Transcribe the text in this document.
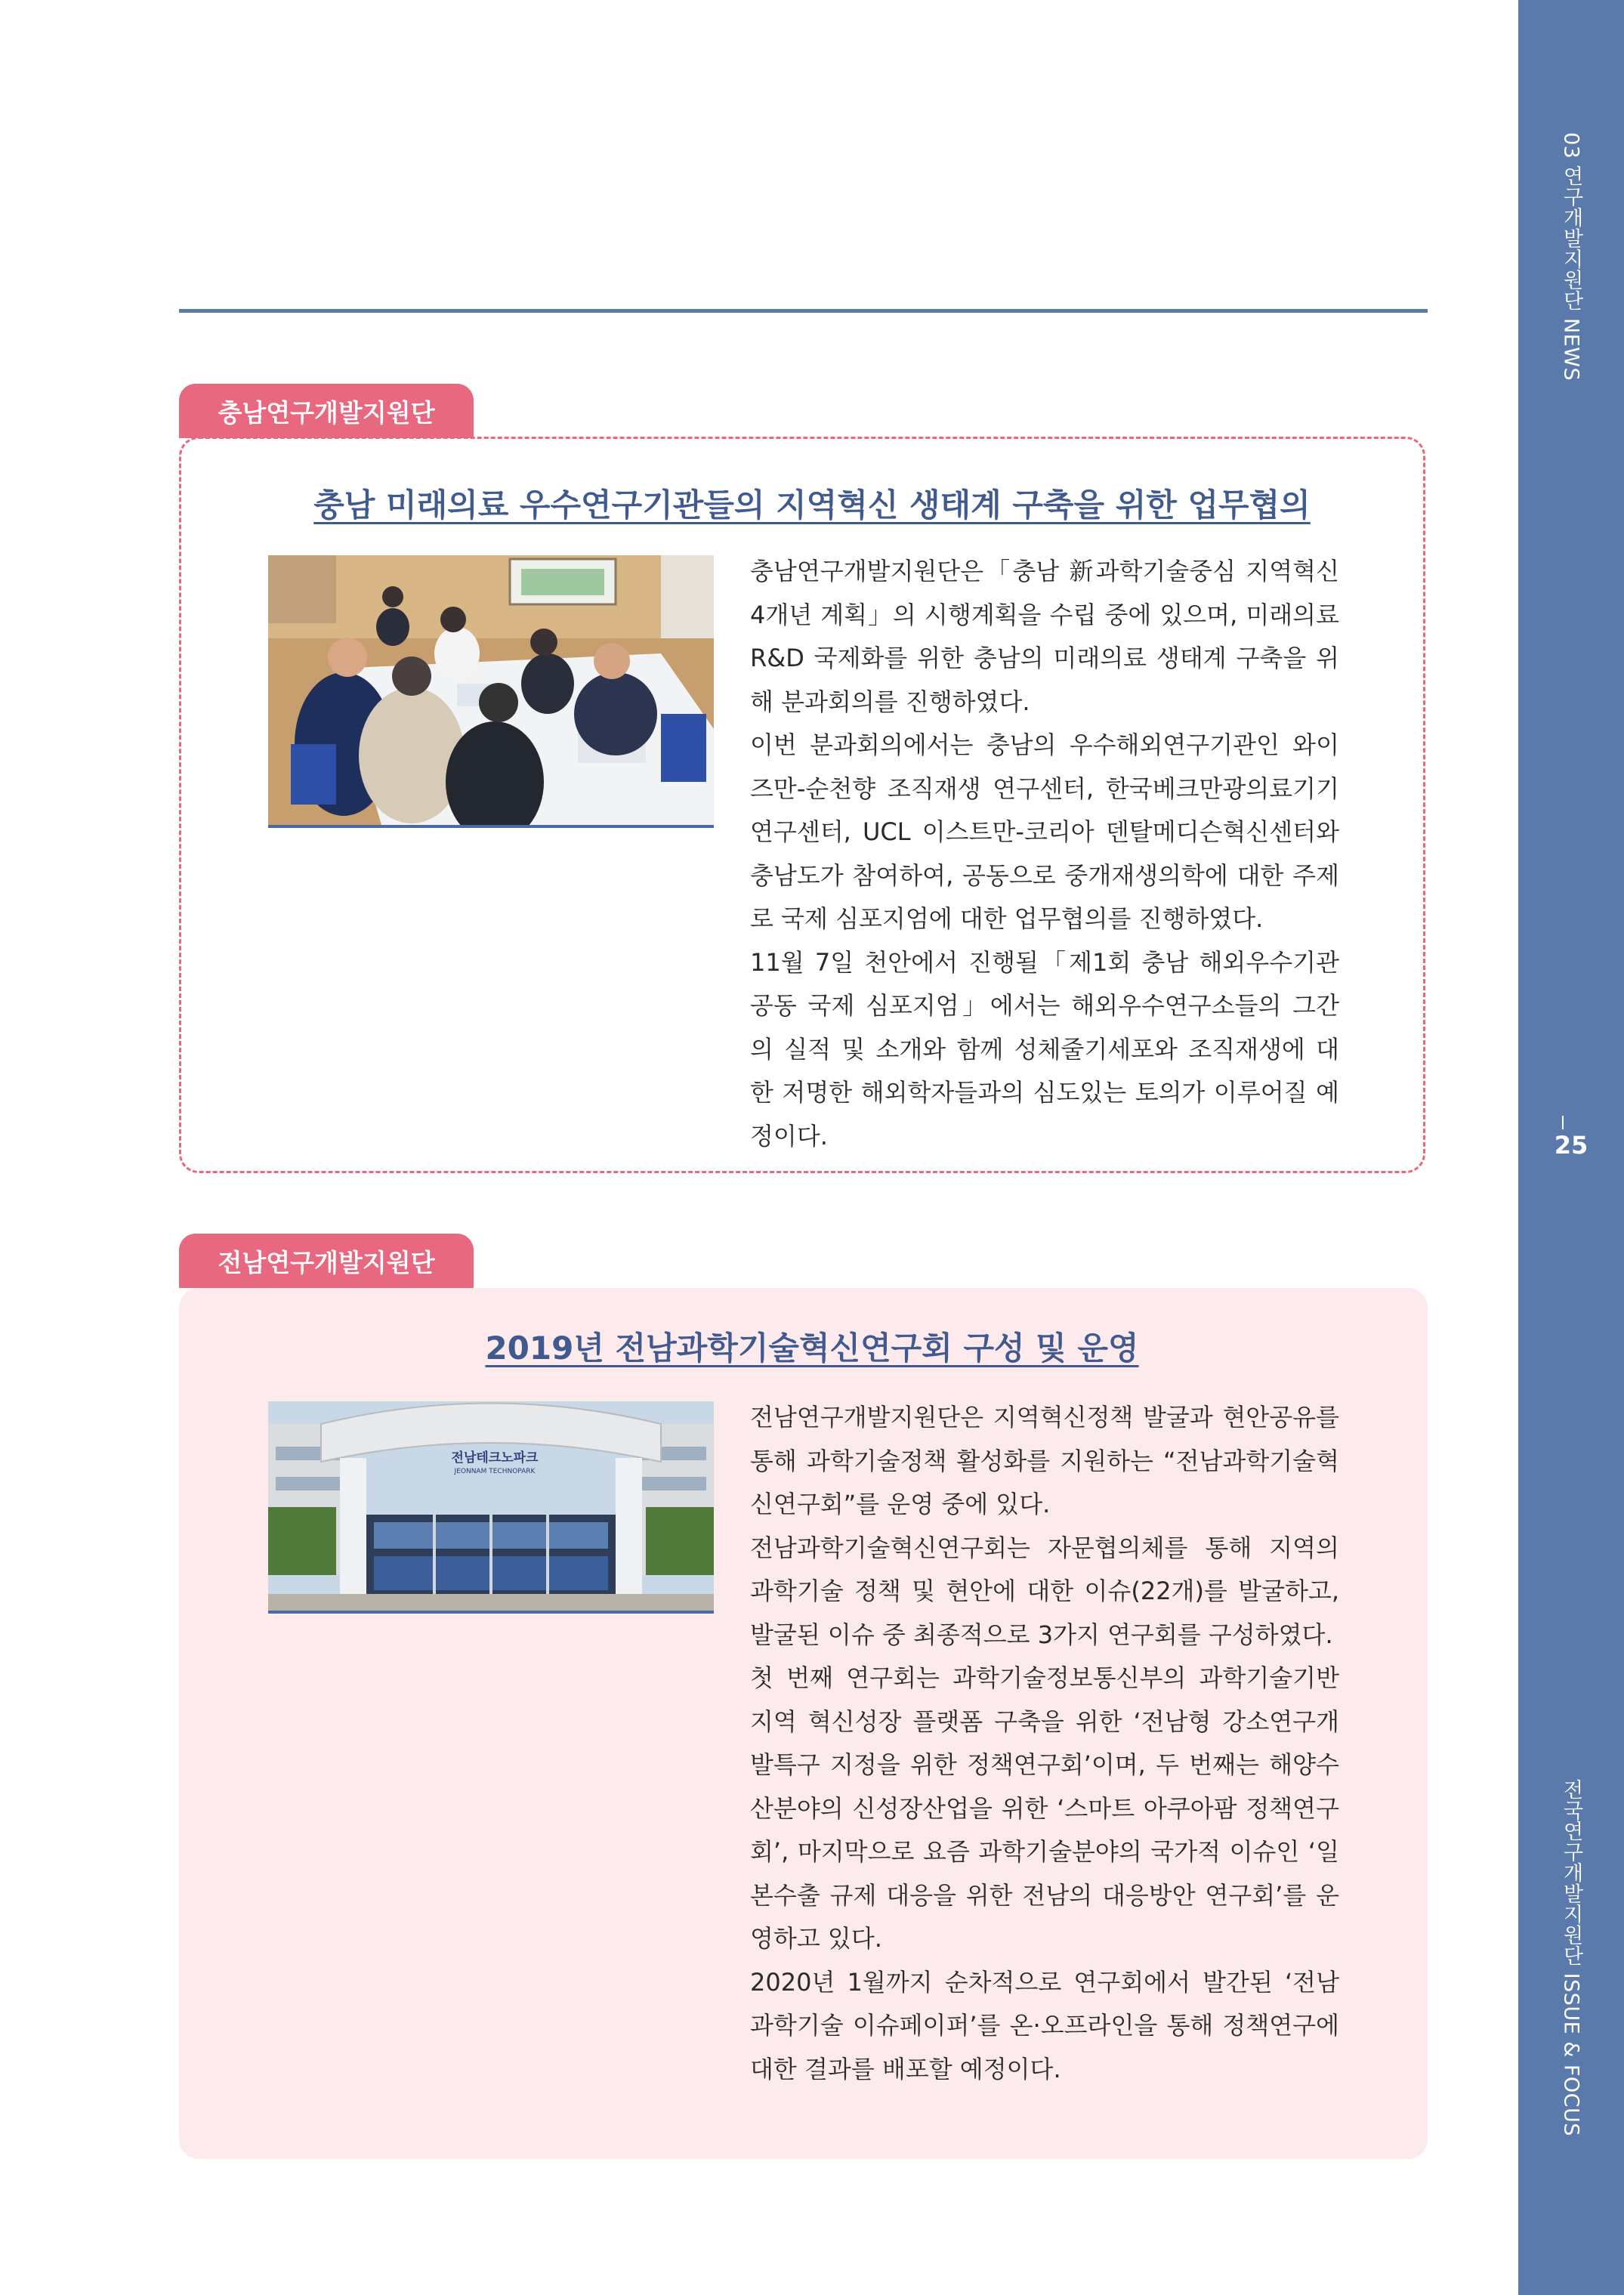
03 연구개발지원단 NEWS
25
전국연구개발지원단 ISSUE & FOCUS
충남연구개발지원단
충남 미래의료 우수연구기관들의 지역혁신 생태계 구축을 위한 업무협의

충남연구개발지원단은「충남 新과학기술중심 지역혁신 4개년 계획」의 시행계획을 수립 중에 있으며, 미래의료 R&D 국제화를 위한 충남의 미래의료 생태계 구축을 위해 분과회의를 진행하였다.

이번 분과회의에서는 충남의 우수해외연구기관인 와이즈만-순천향 조직재생 연구센터, 한국베크만광의료기기연구센터, UCL 이스트만-코리아 덴탈메디슨혁신센터와 충남도가 참여하여, 공동으로 중개재생의학에 대한 주제로 국제 심포지엄에 대한 업무협의를 진행하였다.

11월 7일 천안에서 진행될「제1회 충남 해외우수기관 공동 국제 심포지엄」에서는 해외우수연구소들의 그간의 실적 및 소개와 함께 성체줄기세포와 조직재생에 대한 저명한 해외학자들과의 심도있는 토의가 이루어질 예정이다.

전남연구개발지원단
2019년 전남과학기술혁신연구회 구성 및 운영
전남테크노파크
JEONNAM TECHNOPARK

전남연구개발지원단은 지역혁신정책 발굴과 현안공유를 통해 과학기술정책 활성화를 지원하는 “전남과학기술혁신연구회”를 운영 중에 있다.

전남과학기술혁신연구회는 자문협의체를 통해 지역의 과학기술 정책 및 현안에 대한 이슈(22개)를 발굴하고, 발굴된 이슈 중 최종적으로 3가지 연구회를 구성하였다.

첫 번째 연구회는 과학기술정보통신부의 과학기술기반 지역 혁신성장 플랫폼 구축을 위한 ‘전남형 강소연구개발특구 지정을 위한 정책연구회’이며, 두 번째는 해양수산분야의 신성장산업을 위한 ‘스마트 아쿠아팜 정책연구회’, 마지막으로 요즘 과학기술분야의 국가적 이슈인 ‘일본수출 규제 대응을 위한 전남의 대응방안 연구회’를 운영하고 있다.

2020년 1월까지 순차적으로 연구회에서 발간된 ‘전남 과학기술 이슈페이퍼’를 온·오프라인을 통해 정책연구에 대한 결과를 배포할 예정이다.
